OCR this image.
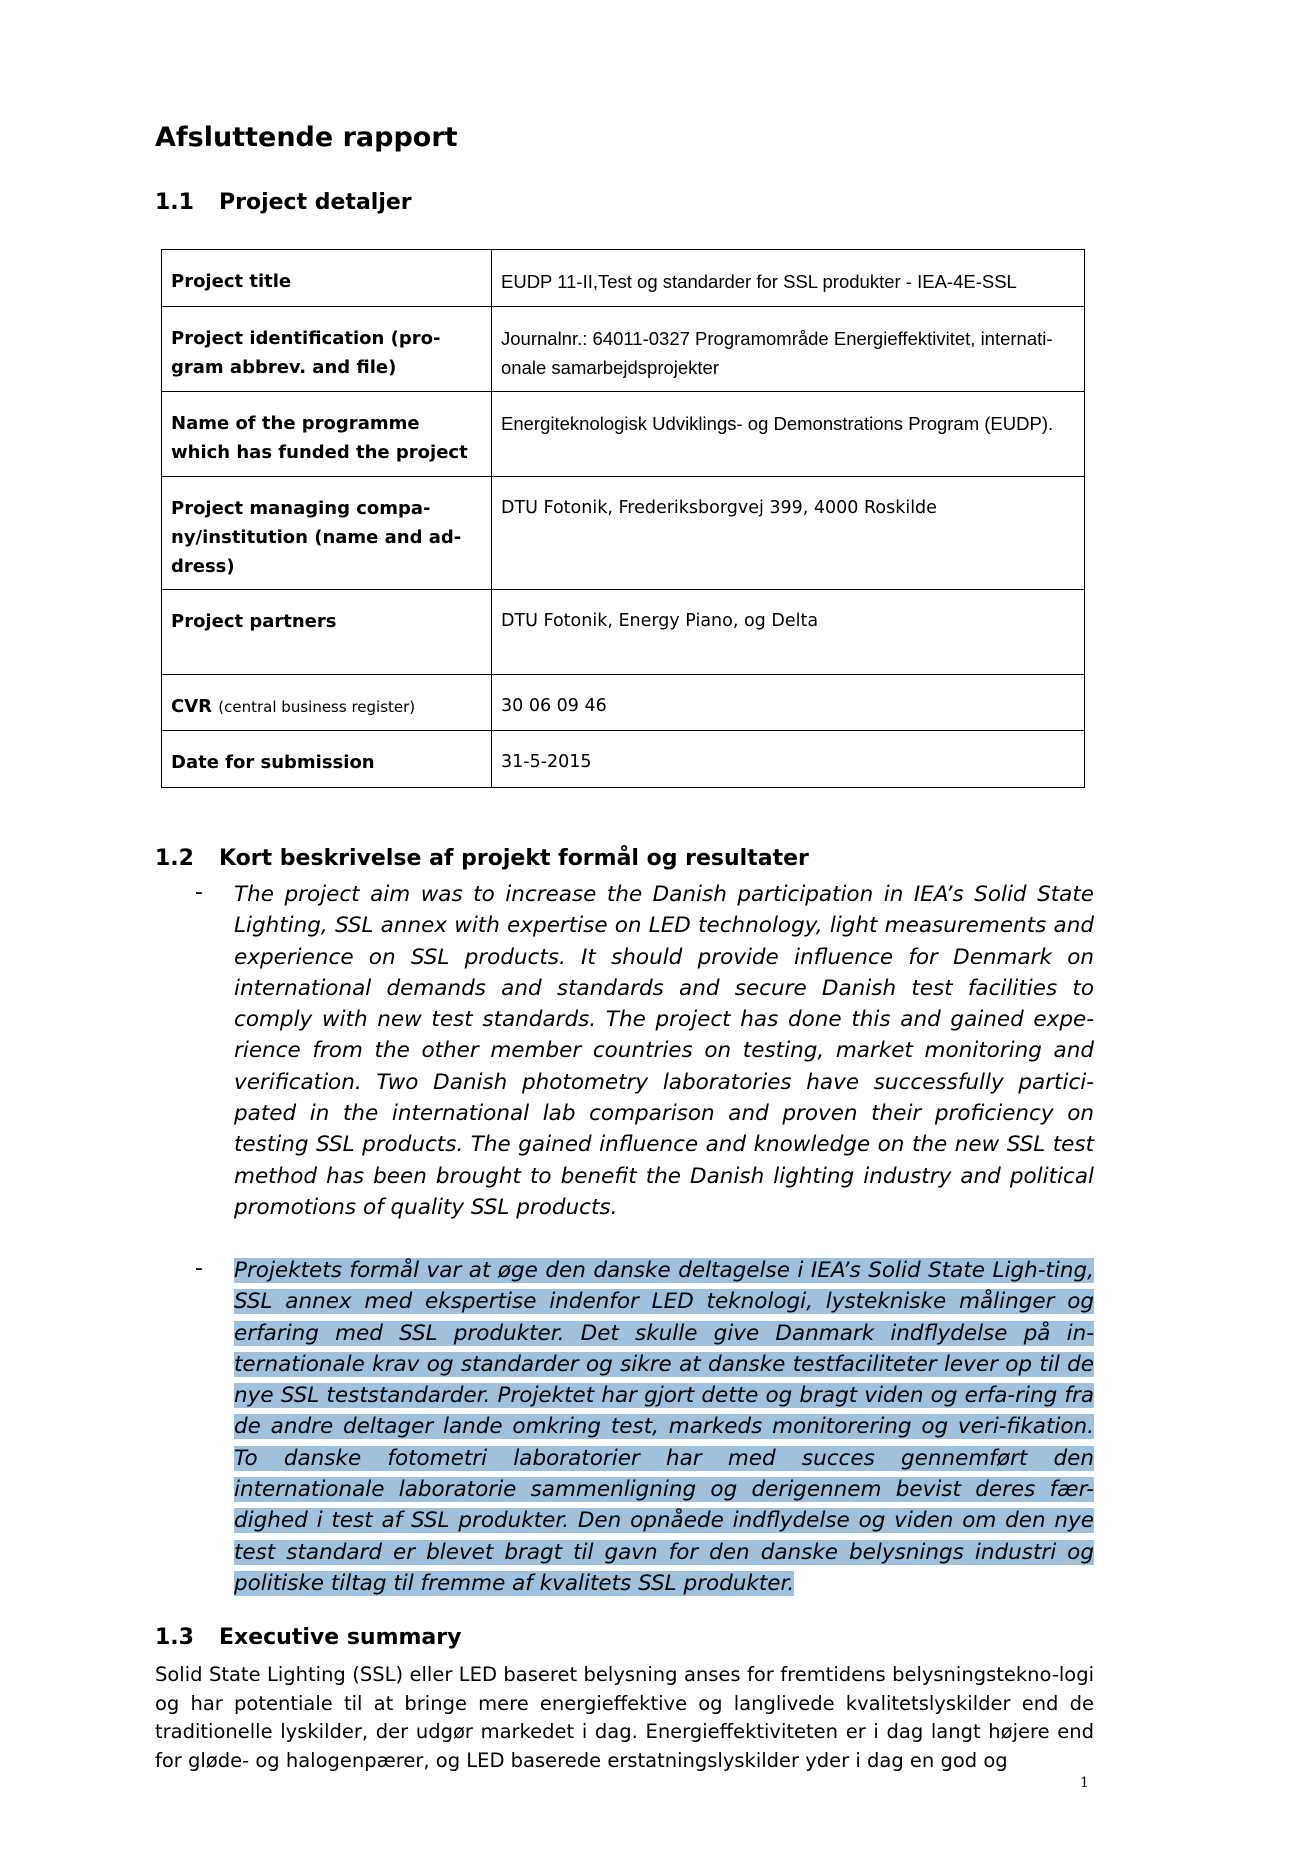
Afsluttende rapport
1.1 Project detaljer
Project title	EUDP 11-II,Test og standarder for SSL produkter - IEA-4E-SSL
Project identification (pro-gram abbrev. and file)	Journalnr.: 64011-0327 Programområde Energieffektivitet, internati-onale samarbejdsprojekter
Name of the programme which has funded the project	Energiteknologisk Udviklings- og Demonstrations Program (EUDP).
Project managing compa-ny/institution (name and ad-dress)	DTU Fotonik, Frederiksborgvej 399, 4000 Roskilde
Project partners	DTU Fotonik, Energy Piano, og Delta
CVR (central business register)	30 06 09 46
Date for submission	31-5-2015
1.2 Kort beskrivelse af projekt formål og resultater
- The project aim was to increase the Danish participation in IEA’s Solid State Lighting, SSL annex with expertise on LED technology, light measurements and experience on SSL products. It should provide influence for Denmark on international demands and standards and secure Danish test facilities to comply with new test standards. The project has done this and gained expe-rience from the other member countries on testing, market monitoring and verification. Two Danish photometry laboratories have successfully partici-pated in the international lab comparison and proven their proficiency on testing SSL products. The gained influence and knowledge on the new SSL test method has been brought to benefit the Danish lighting industry and political promotions of quality SSL products.

- Projektets formål var at øge den danske deltagelse i IEA’s Solid State Ligh-ting, SSL annex med ekspertise indenfor LED teknologi, lystekniske målinger og erfaring med SSL produkter. Det skulle give Danmark indflydelse på in-ternationale krav og standarder og sikre at danske testfaciliteter lever op til de nye SSL teststandarder. Projektet har gjort dette og bragt viden og erfa-ring fra de andre deltager lande omkring test, markeds monitorering og veri-fikation. To danske fotometri laboratorier har med succes gennemført den internationale laboratorie sammenligning og derigennem bevist deres fær-dighed i test af SSL produkter. Den opnåede indflydelse og viden om den nye test standard er blevet bragt til gavn for den danske belysnings industri og politiske tiltag til fremme af kvalitets SSL produkter.

1.3 Executive summary

Solid State Lighting (SSL) eller LED baseret belysning anses for fremtidens belysningstekno-logi og har potentiale til at bringe mere energieffektive og langlivede kvalitetslyskilder end de traditionelle lyskilder, der udgør markedet i dag. Energieffektiviteten er i dag langt højere end for gløde- og halogenpærer, og LED baserede erstatningslyskilder yder i dag en god og

1
